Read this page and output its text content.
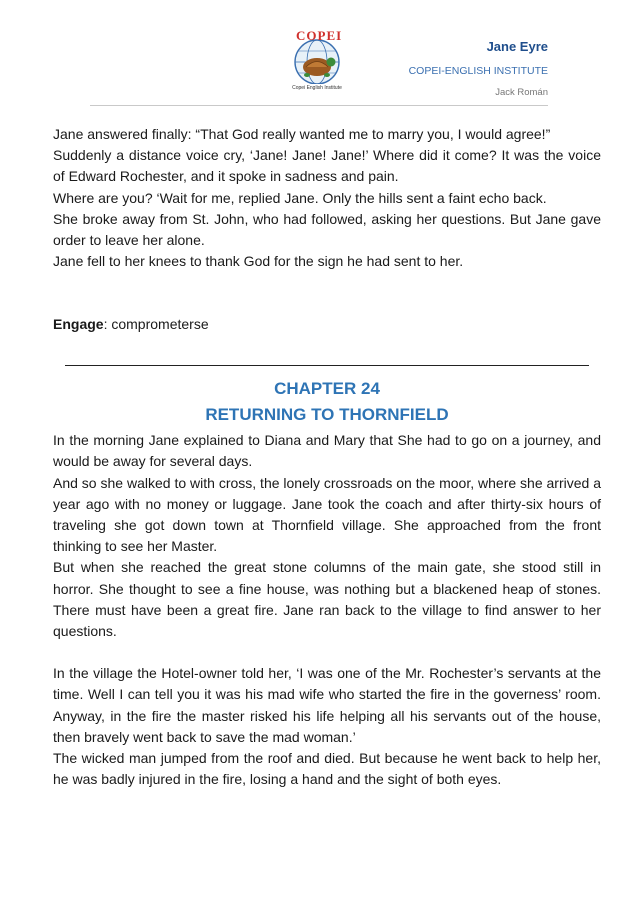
COPEI
Copei English Institute
Jane Eyre
COPEI-ENGLISH INSTITUTE
Jack Román

Jane answered finally: “That God really wanted me to marry you, I would agree!”

Suddenly a distance voice cry, ‘Jane! Jane! Jane!’ Where did it come? It was the voice of Edward Rochester, and it spoke in sadness and pain.

Where are you? ‘Wait for me, replied Jane. Only the hills sent a faint echo back.

She broke away from St. John, who had followed, asking her questions. But Jane gave order to leave her alone.

Jane fell to her knees to thank God for the sign he had sent to her.

Engage: comprometerse

CHAPTER 24
RETURNING TO THORNFIELD

In the morning Jane explained to Diana and Mary that She had to go on a journey, and would be away for several days.

And so she walked to with cross, the lonely crossroads on the moor, where she arrived a year ago with no money or luggage. Jane took the coach and after thirty-six hours of traveling she got down town at Thornfield village. She approached from the front thinking to see her Master.

But when she reached the great stone columns of the main gate, she stood still in horror. She thought to see a fine house, was nothing but a blackened heap of stones. There must have been a great fire. Jane ran back to the village to find answer to her questions.

In the village the Hotel-owner told her, ‘I was one of the Mr. Rochester’s servants at the time. Well I can tell you it was his mad wife who started the fire in the governess’ room. Anyway, in the fire the master risked his life helping all his servants out of the house, then bravely went back to save the mad woman.’

The wicked man jumped from the roof and died. But because he went back to help her, he was badly injured in the fire, losing a hand and the sight of both eyes.
